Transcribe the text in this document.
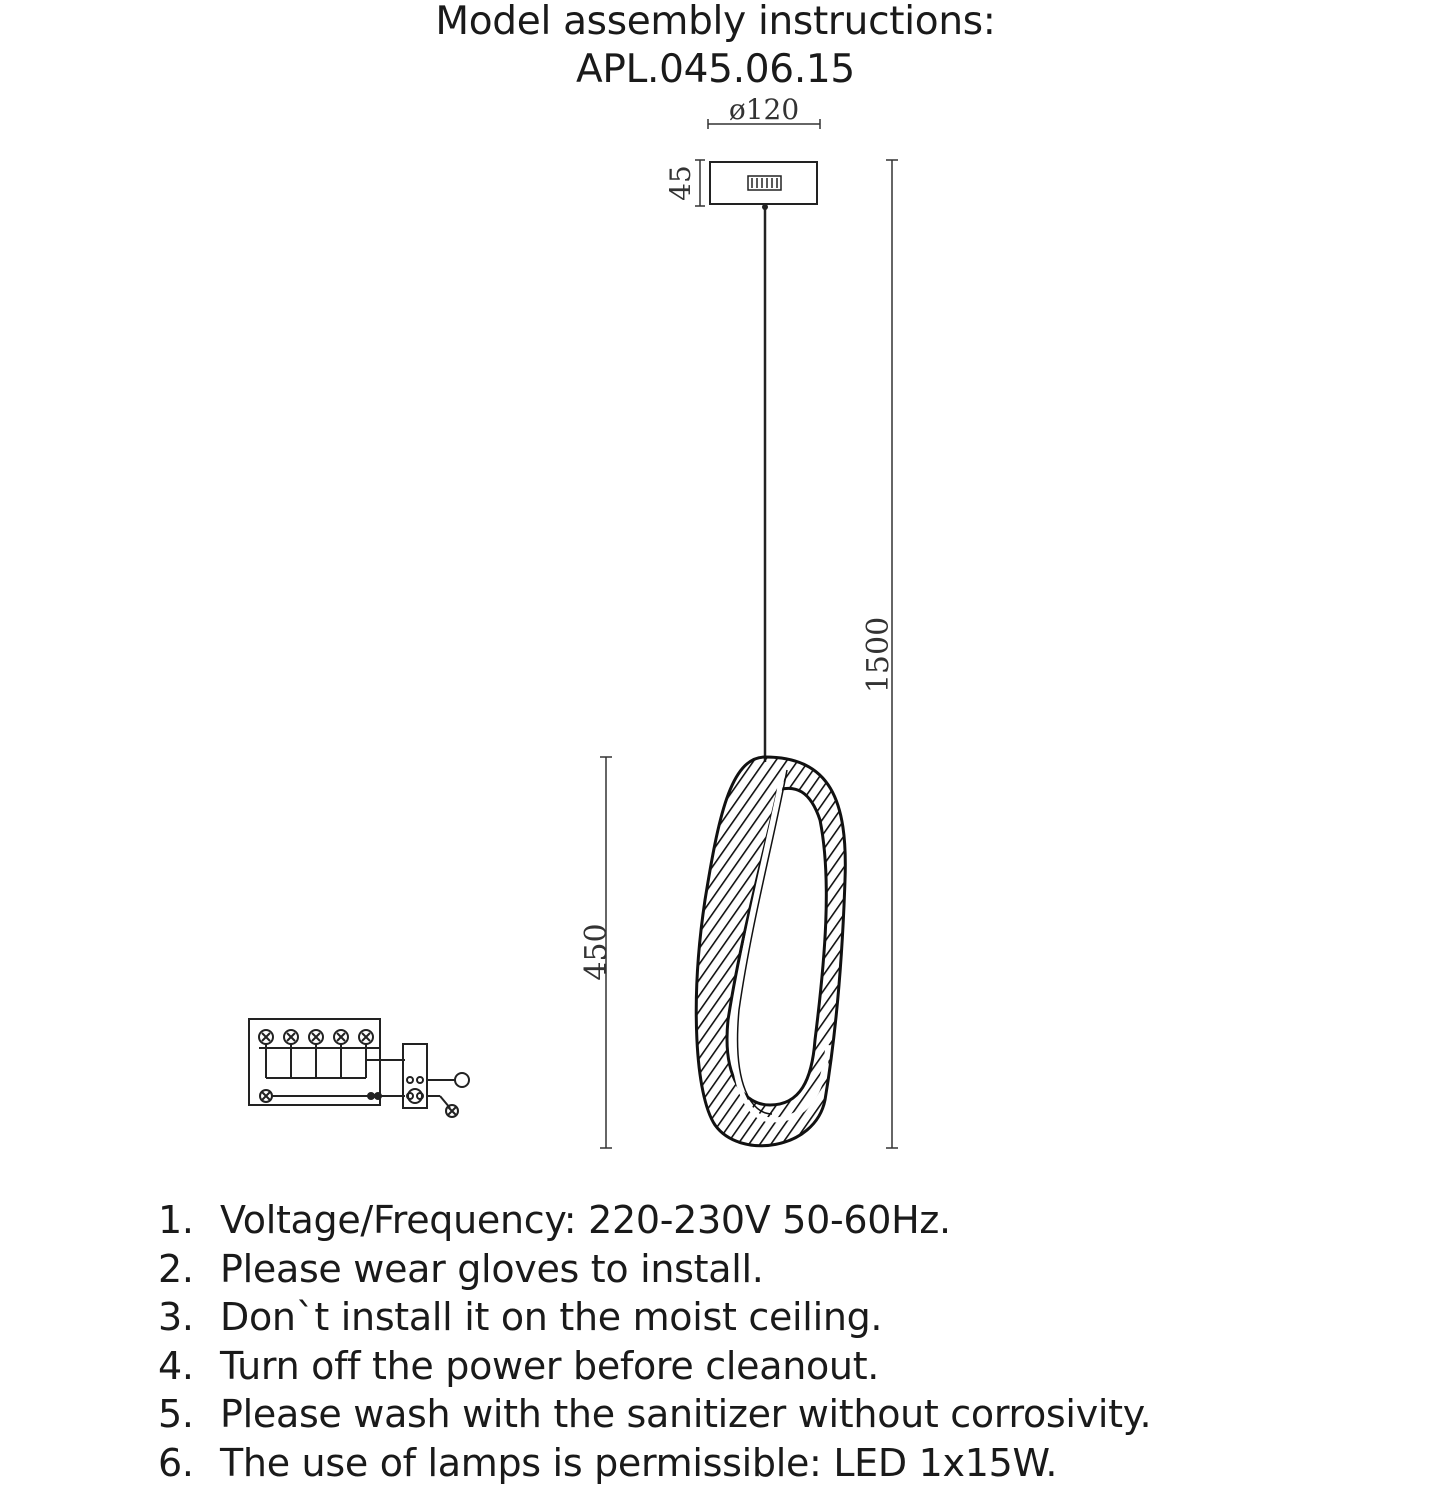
Model assembly instructions:
APL.045.06.15
ø120
45
1500
450
1. Voltage/Frequency: 220-230V 50-60Hz.
2. Please wear gloves to install.
3. Don`t install it on the moist ceiling.
4. Turn off the power before cleanout.
5. Please wash with the sanitizer without corrosivity.
6. The use of lamps is permissible: LED 1x15W.
